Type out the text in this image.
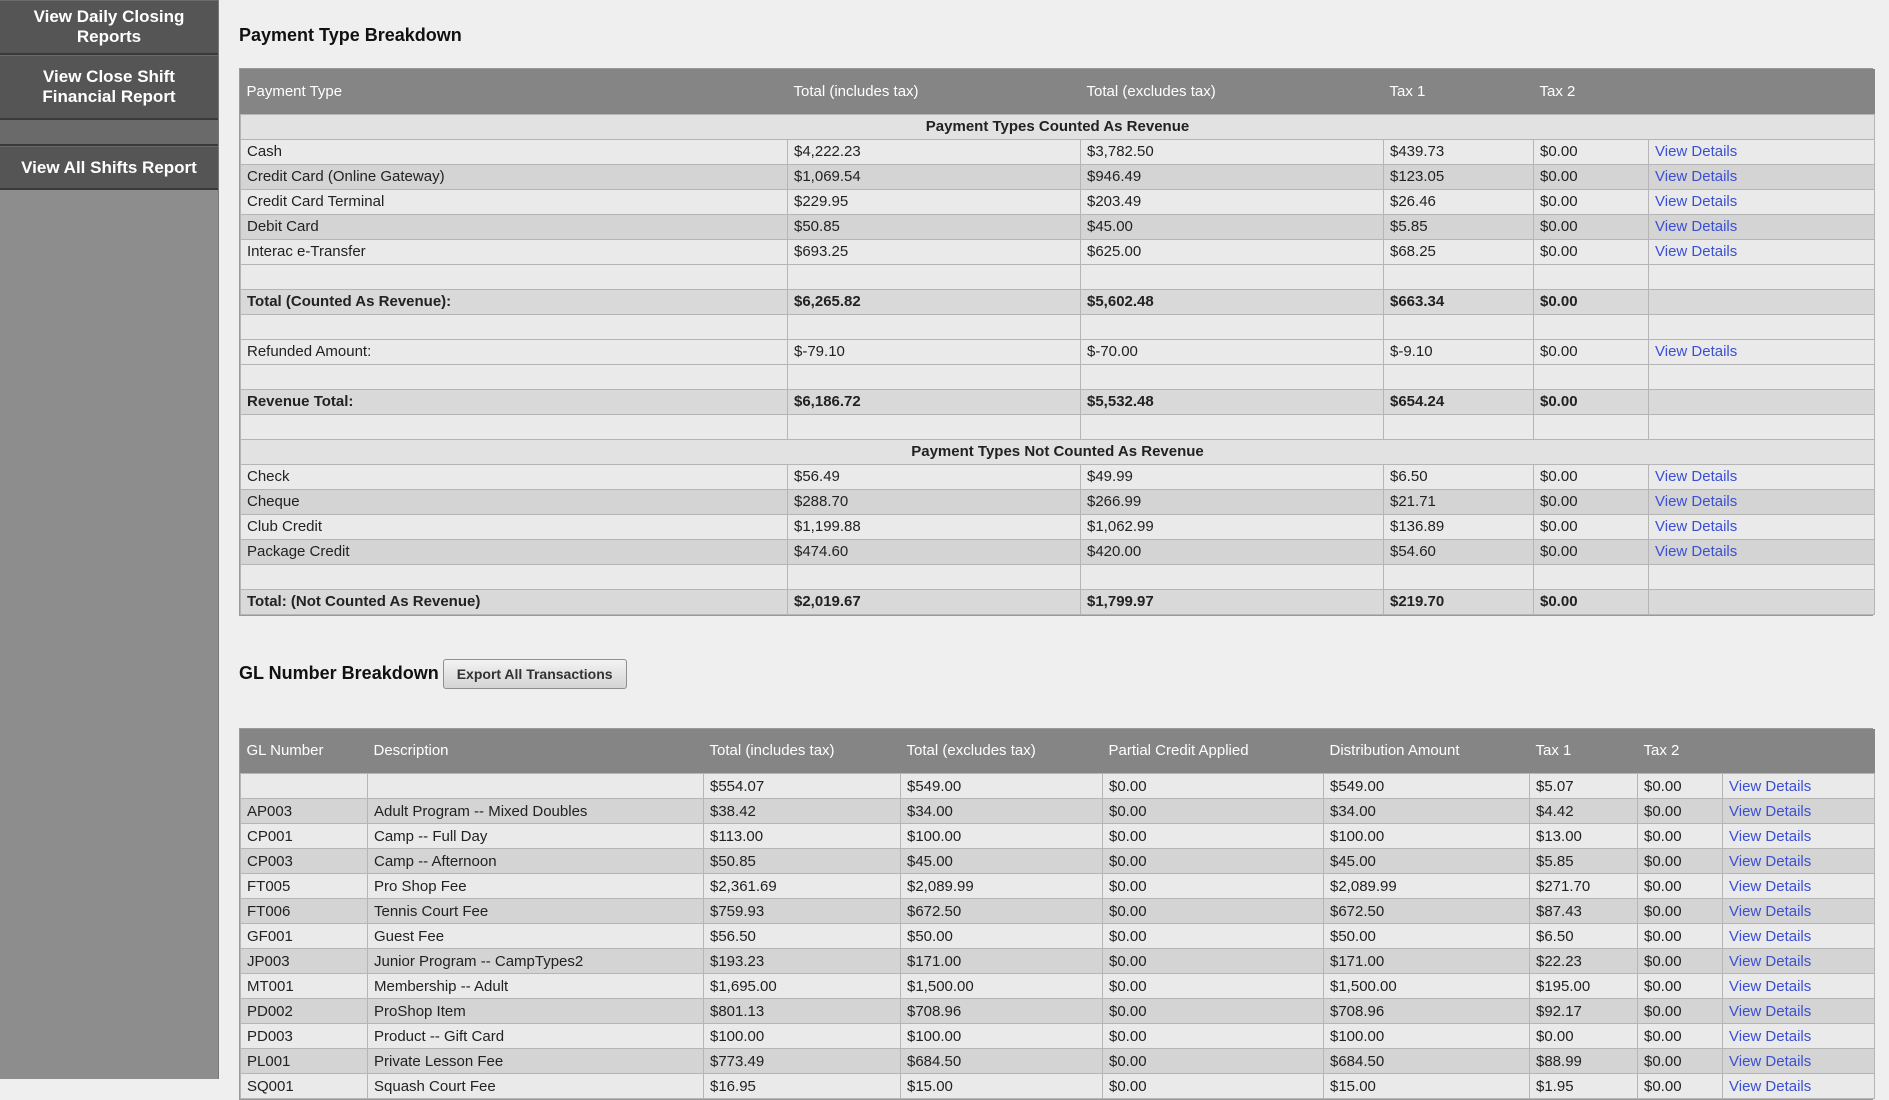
View Daily Closing Reports
View Close Shift Financial Report
View All Shifts Report
Payment Type Breakdown
Payment Type	Total (includes tax)	Total (excludes tax)	Tax 1	Tax 2	
Payment Types Counted As Revenue					
Cash	$4,222.23	$3,782.50	$439.73	$0.00	View Details
Credit Card (Online Gateway)	$1,069.54	$946.49	$123.05	$0.00	View Details
Credit Card Terminal	$229.95	$203.49	$26.46	$0.00	View Details
Debit Card	$50.85	$45.00	$5.85	$0.00	View Details
Interac e-Transfer	$693.25	$625.00	$68.25	$0.00	View Details

Total (Counted As Revenue):	$6,265.82	$5,602.48	$663.34	$0.00	

Refunded Amount:	$-79.10	$-70.00	$-9.10	$0.00	View Details

Revenue Total:	$6,186.72	$5,532.48	$654.24	$0.00	

Payment Types Not Counted As Revenue					
Check	$56.49	$49.99	$6.50	$0.00	View Details
Cheque	$288.70	$266.99	$21.71	$0.00	View Details
Club Credit	$1,199.88	$1,062.99	$136.89	$0.00	View Details
Package Credit	$474.60	$420.00	$54.60	$0.00	View Details

Total: (Not Counted As Revenue)	$2,019.67	$1,799.97	$219.70	$0.00	
GL Number Breakdown	Export All Transactions
GL Number	Description	Total (includes tax)	Total (excludes tax)	Partial Credit Applied	Distribution Amount	Tax 1	Tax 2	
		$554.07	$549.00	$0.00	$549.00	$5.07	$0.00	View Details
AP003	Adult Program -- Mixed Doubles	$38.42	$34.00	$0.00	$34.00	$4.42	$0.00	View Details
CP001	Camp -- Full Day	$113.00	$100.00	$0.00	$100.00	$13.00	$0.00	View Details
CP003	Camp -- Afternoon	$50.85	$45.00	$0.00	$45.00	$5.85	$0.00	View Details
FT005	Pro Shop Fee	$2,361.69	$2,089.99	$0.00	$2,089.99	$271.70	$0.00	View Details
FT006	Tennis Court Fee	$759.93	$672.50	$0.00	$672.50	$87.43	$0.00	View Details
GF001	Guest Fee	$56.50	$50.00	$0.00	$50.00	$6.50	$0.00	View Details
JP003	Junior Program -- CampTypes2	$193.23	$171.00	$0.00	$171.00	$22.23	$0.00	View Details
MT001	Membership -- Adult	$1,695.00	$1,500.00	$0.00	$1,500.00	$195.00	$0.00	View Details
PD002	ProShop Item	$801.13	$708.96	$0.00	$708.96	$92.17	$0.00	View Details
PD003	Product -- Gift Card	$100.00	$100.00	$0.00	$100.00	$0.00	$0.00	View Details
PL001	Private Lesson Fee	$773.49	$684.50	$0.00	$684.50	$88.99	$0.00	View Details
SQ001	Squash Court Fee	$16.95	$15.00	$0.00	$15.00	$1.95	$0.00	View Details
